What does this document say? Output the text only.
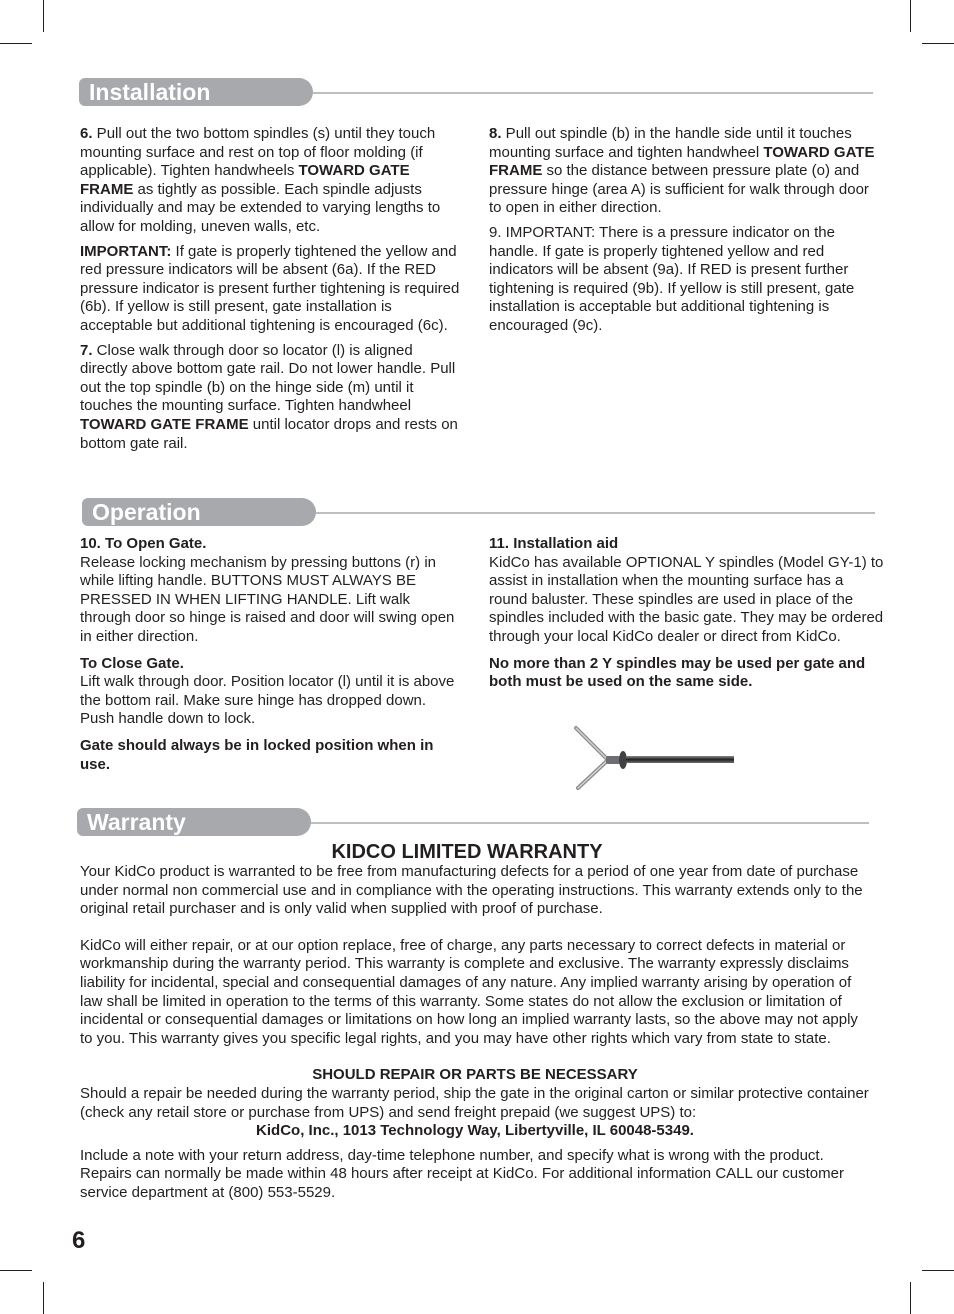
Installation

6. Pull out the two bottom spindles (s) until they touch mounting surface and rest on top of floor molding (if applicable). Tighten handwheels TOWARD GATE FRAME as tightly as possible. Each spindle adjusts individually and may be extended to varying lengths to allow for molding, uneven walls, etc.

IMPORTANT: If gate is properly tightened the yellow and red pressure indicators will be absent (6a). If the RED pressure indicator is present further tightening is required (6b). If yellow is still present, gate installation is acceptable but additional tightening is encouraged (6c).

7. Close walk through door so locator (l) is aligned directly above bottom gate rail. Do not lower handle. Pull out the top spindle (b) on the hinge side (m) until it touches the mounting surface. Tighten handwheel TOWARD GATE FRAME until locator drops and rests on bottom gate rail.

8. Pull out spindle (b) in the handle side until it touches mounting surface and tighten handwheel TOWARD GATE FRAME so the distance between pressure plate (o) and pressure hinge (area A) is sufficient for walk through door to open in either direction.

9. IMPORTANT: There is a pressure indicator on the handle. If gate is properly tightened yellow and red indicators will be absent (9a). If RED is present further tightening is required (9b). If yellow is still present, gate installation is acceptable but additional tightening is encouraged (9c).

Operation

10. To Open Gate.
Release locking mechanism by pressing buttons (r) in while lifting handle. BUTTONS MUST ALWAYS BE PRESSED IN WHEN LIFTING HANDLE. Lift walk through door so hinge is raised and door will swing open in either direction.

To Close Gate.
Lift walk through door. Position locator (l) until it is above the bottom rail. Make sure hinge has dropped down. Push handle down to lock.

Gate should always be in locked position when in use.

11. Installation aid
KidCo has available OPTIONAL Y spindles (Model GY-1) to assist in installation when the mounting surface has a round baluster. These spindles are used in place of the spindles included with the basic gate. They may be ordered through your local KidCo dealer or direct from KidCo.

No more than 2 Y spindles may be used per gate and both must be used on the same side.

Warranty
KIDCO LIMITED WARRANTY

Your KidCo product is warranted to be free from manufacturing defects for a period of one year from date of purchase under normal non commercial use and in compliance with the operating instructions. This warranty extends only to the original retail purchaser and is only valid when supplied with proof of purchase.

KidCo will either repair, or at our option replace, free of charge, any parts necessary to correct defects in material or workmanship during the warranty period. This warranty is complete and exclusive. The warranty expressly disclaims liability for incidental, special and consequential damages of any nature. Any implied warranty arising by operation of law shall be limited in operation to the terms of this warranty. Some states do not allow the exclusion or limitation of incidental or consequential damages or limitations on how long an implied warranty lasts, so the above may not apply to you. This warranty gives you specific legal rights, and you may have other rights which vary from state to state.

SHOULD REPAIR OR PARTS BE NECESSARY

Should a repair be needed during the warranty period, ship the gate in the original carton or similar protective container (check any retail store or purchase from UPS) and send freight prepaid (we suggest UPS) to:

KidCo, Inc., 1013 Technology Way, Libertyville, IL 60048-5349.

Include a note with your return address, day-time telephone number, and specify what is wrong with the product. Repairs can normally be made within 48 hours after receipt at KidCo. For additional information CALL our customer service department at (800) 553-5529.

6
